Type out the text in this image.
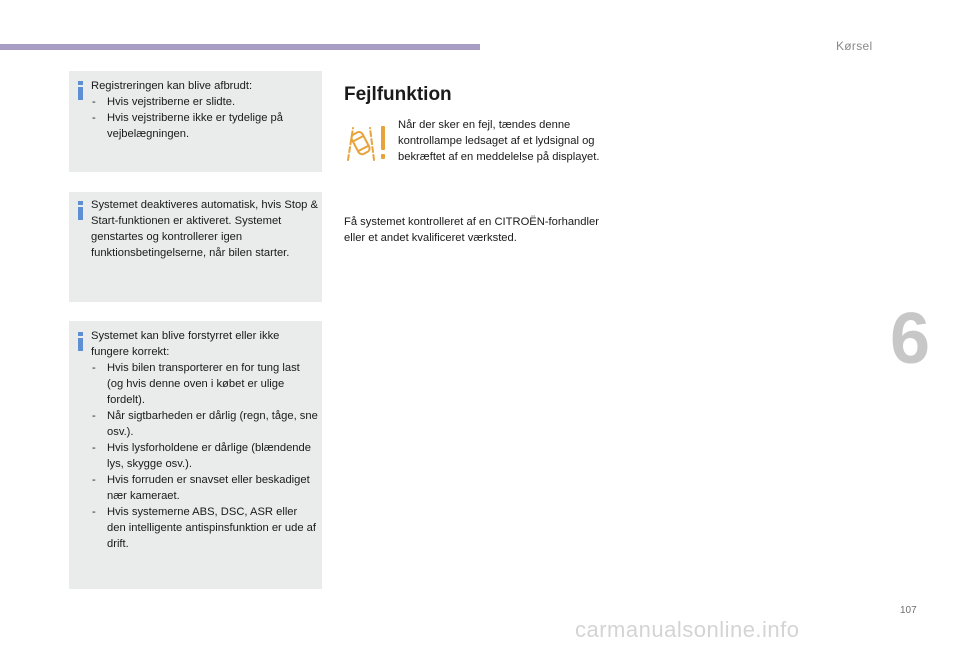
Kørsel
6

Registreringen kan blive afbrudt:

- Hvis vejstriberne er slidte.
- Hvis vejstriberne ikke er tydelige på vejbelægningen.

Systemet deaktiveres automatisk, hvis Stop & Start-funktionen er aktiveret. Systemet genstartes og kontrollerer igen funktionsbetingelserne, når bilen starter.

Systemet kan blive forstyrret eller ikke fungere korrekt:

- Hvis bilen transporterer en for tung last (og hvis denne oven i købet er ulige fordelt).
- Når sigtbarheden er dårlig (regn, tåge, sne osv.).
- Hvis lysforholdene er dårlige (blændende lys, skygge osv.).
- Hvis forruden er snavset eller beskadiget nær kameraet.
- Hvis systemerne ABS, DSC, ASR eller den intelligente antispinsfunktion er ude af drift.
Fejlfunktion
Når der sker en fejl, tændes denne kontrollampe ledsaget af et lydsignal og bekræftet af en meddelelse på displayet.
Få systemet kontrolleret af en CITROËN-forhandler eller et andet kvalificeret værksted.
107
carmanualsonline.info
